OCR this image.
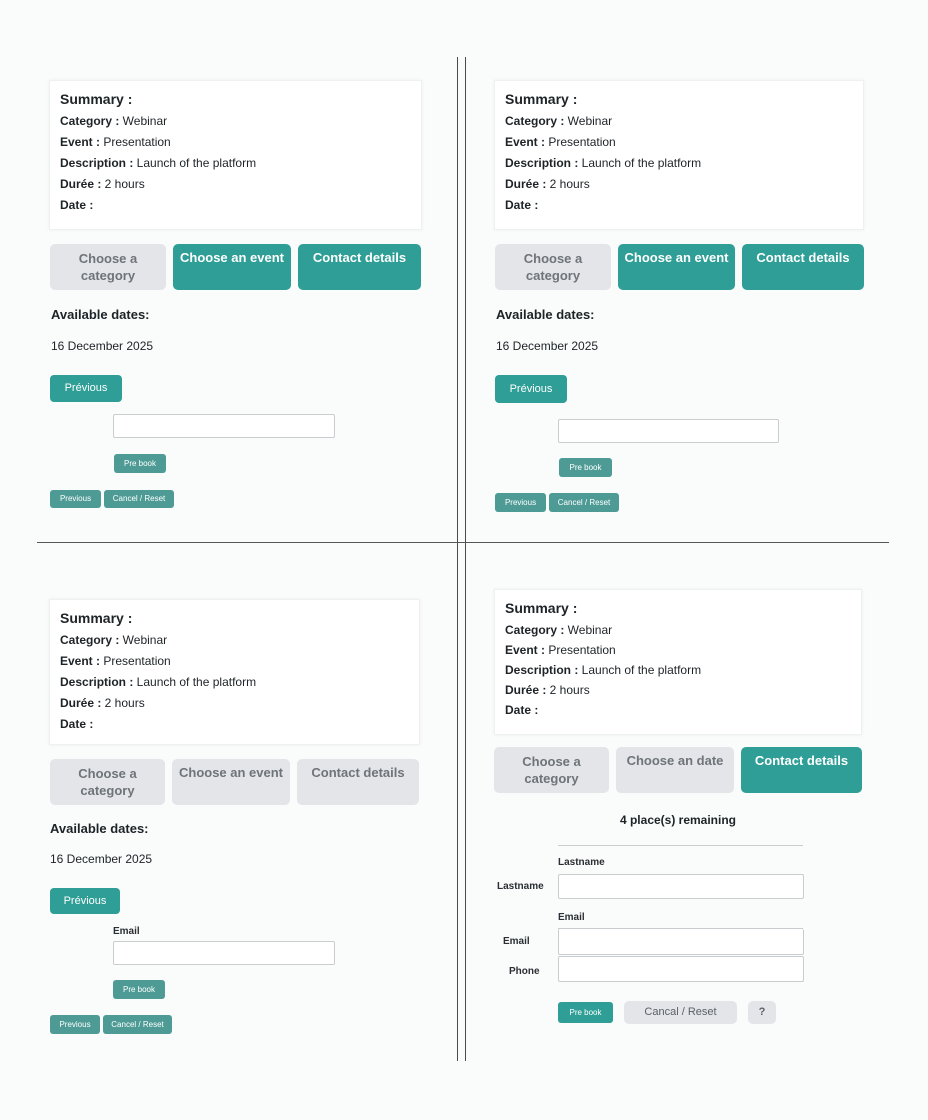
Summary :
Category : Webinar
Event : Presentation
Description : Launch of the platform
Durée : 2 hours
Date :
Choose a category
Choose an event	Contact details
Available dates:
16 December 2025
Prévious
Pre book
Previous	Cancel / Reset
Summary :
Category : Webinar
Event : Presentation
Description : Launch of the platform
Durée : 2 hours
Date :
Choose a category
Choose an event	Contact details
Available dates:
16 December 2025
Prévious
Pre book
Previous	Cancel / Reset
Summary :
Category : Webinar
Event : Presentation
Description : Launch of the platform
Durée : 2 hours
Date :
Choose a category
Choose an event	Contact details
Available dates:
16 December 2025
Prévious
Email
Pre book
Previous	Cancel / Reset
Summary :
Category : Webinar
Event : Presentation
Description : Launch of the platform
Durée : 2 hours
Date :
Choose a category
Choose an date	Contact details
4 place(s) remaining
Lastname
Lastname
Email
Email
Phone
Pre book	Cancal / Reset	?
